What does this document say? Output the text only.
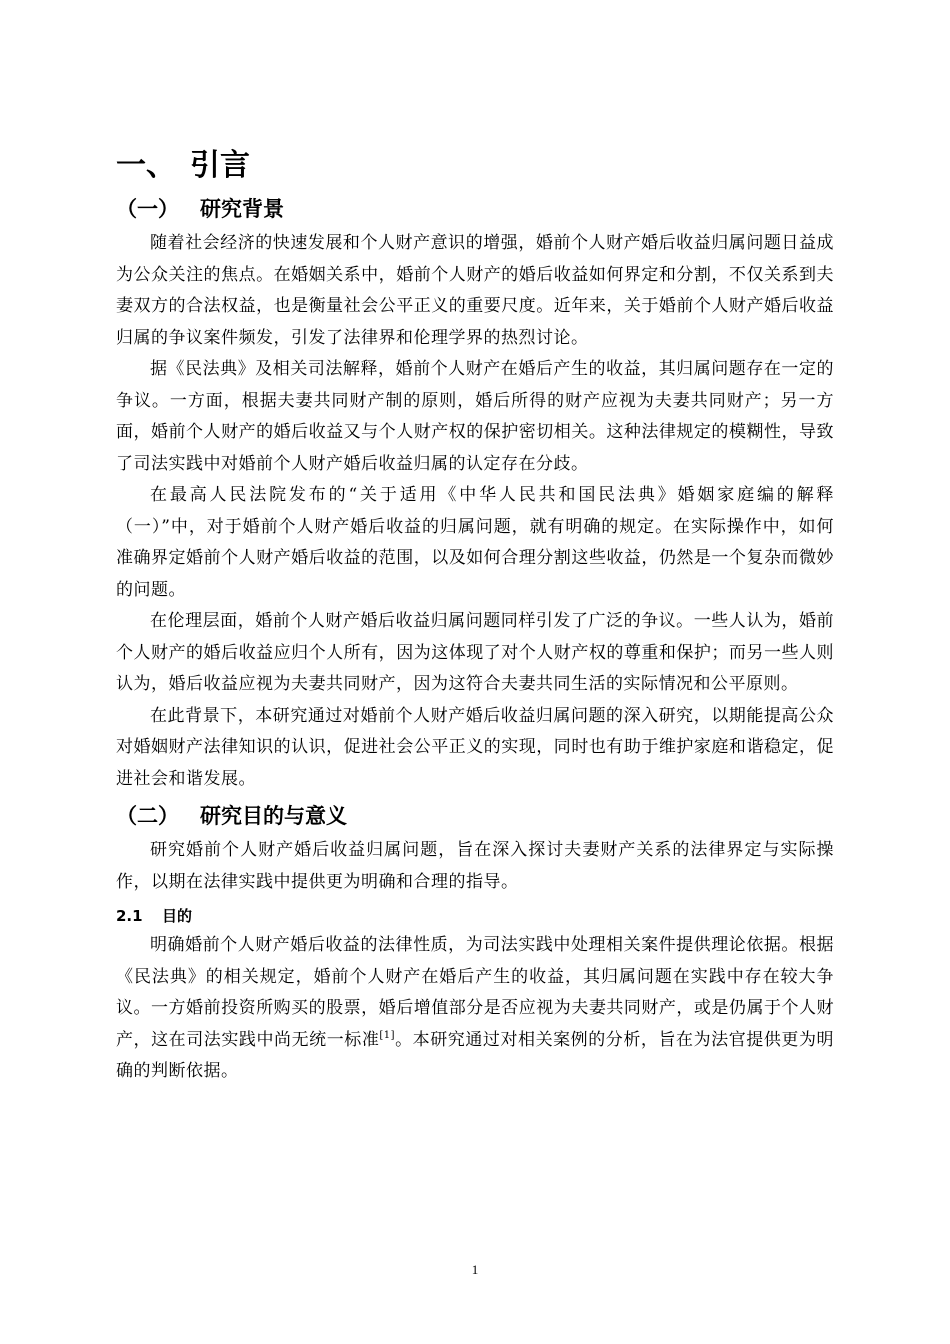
一、 引言
（一） 研究背景

随着社会经济的快速发展和个人财产意识的增强，婚前个人财产婚后收益归属问题日益成为公众关注的焦点。在婚姻关系中，婚前个人财产的婚后收益如何界定和分割，不仅关系到夫妻双方的合法权益，也是衡量社会公平正义的重要尺度。近年来，关于婚前个人财产婚后收益归属的争议案件频发，引发了法律界和伦理学界的热烈讨论。

据《民法典》及相关司法解释，婚前个人财产在婚后产生的收益，其归属问题存在一定的争议。一方面，根据夫妻共同财产制的原则，婚后所得的财产应视为夫妻共同财产；另一方面，婚前个人财产的婚后收益又与个人财产权的保护密切相关。这种法律规定的模糊性，导致了司法实践中对婚前个人财产婚后收益归属的认定存在分歧。

在最高人民法院发布的“关于适用《中华人民共和国民法典》婚姻家庭编的解释（一）”中，对于婚前个人财产婚后收益的归属问题，就有明确的规定。在实际操作中，如何准确界定婚前个人财产婚后收益的范围，以及如何合理分割这些收益，仍然是一个复杂而微妙的问题。

在伦理层面，婚前个人财产婚后收益归属问题同样引发了广泛的争议。一些人认为，婚前个人财产的婚后收益应归个人所有，因为这体现了对个人财产权的尊重和保护；而另一些人则认为，婚后收益应视为夫妻共同财产，因为这符合夫妻共同生活的实际情况和公平原则。

在此背景下，本研究通过对婚前个人财产婚后收益归属问题的深入研究，以期能提高公众对婚姻财产法律知识的认识，促进社会公平正义的实现，同时也有助于维护家庭和谐稳定，促进社会和谐发展。

（二） 研究目的与意义

研究婚前个人财产婚后收益归属问题，旨在深入探讨夫妻财产关系的法律界定与实际操作，以期在法律实践中提供更为明确和合理的指导。

2.1 目的

明确婚前个人财产婚后收益的法律性质，为司法实践中处理相关案件提供理论依据。根据《民法典》的相关规定，婚前个人财产在婚后产生的收益，其归属问题在实践中存在较大争议。一方婚前投资所购买的股票，婚后增值部分是否应视为夫妻共同财产，或是仍属于个人财产，这在司法实践中尚无统一标准[1]。本研究通过对相关案例的分析，旨在为法官提供更为明确的判断依据。

1
